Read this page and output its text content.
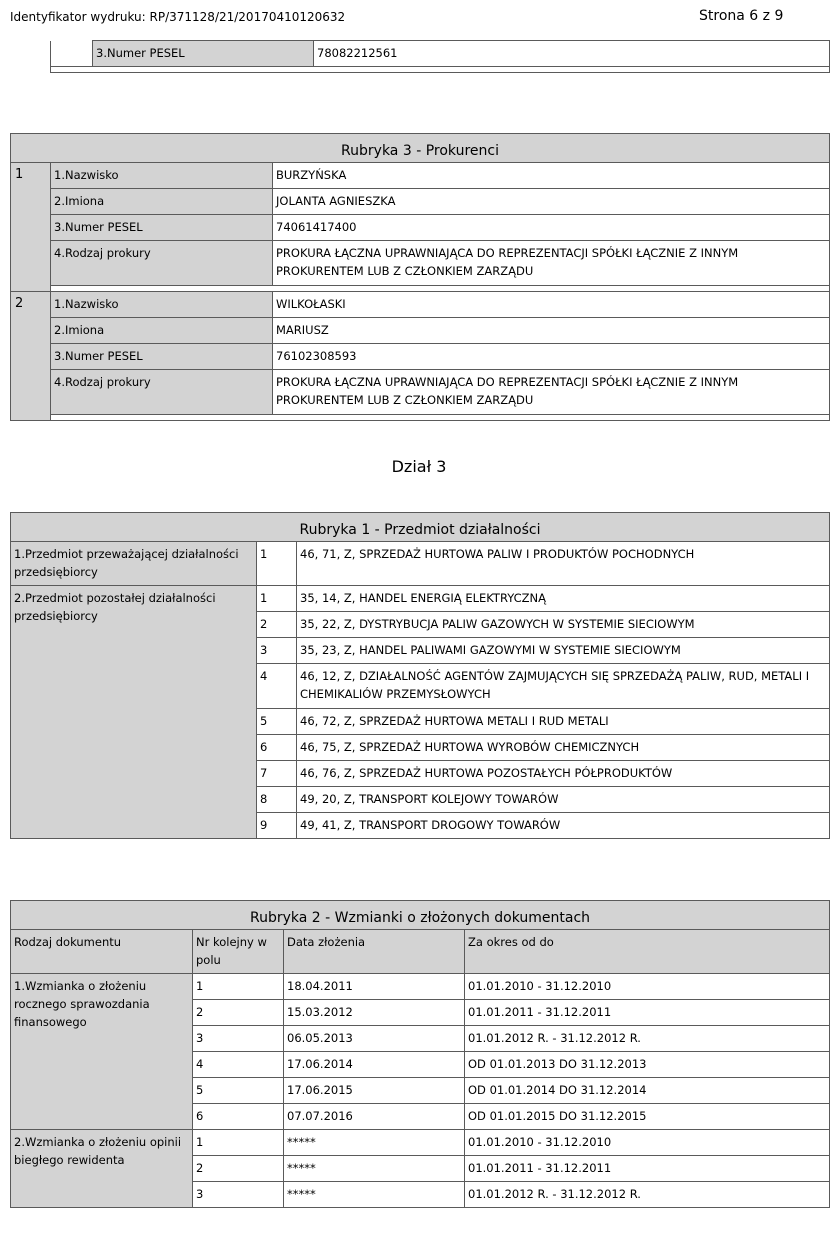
Identyfikator wydruku: RP/371128/21/20170410120632	Strona 6 z 9
	3.Numer PESEL	78082212561

Rubryka 3 - Prokurenci		
1	1.Nazwisko	BURZYŃSKA
	2.Imiona	JOLANTA AGNIESZKA
	3.Numer PESEL	74061417400
	4.Rodzaj prokury	PROKURA ŁĄCZNA UPRAWNIAJĄCA DO REPREZENTACJI SPÓŁKI ŁĄCZNIE Z INNYM PROKURENTEM LUB Z CZŁONKIEM ZARZĄDU

2	1.Nazwisko	WILKOŁASKI
	2.Imiona	MARIUSZ
	3.Numer PESEL	76102308593
	4.Rodzaj prokury	PROKURA ŁĄCZNA UPRAWNIAJĄCA DO REPREZENTACJI SPÓŁKI ŁĄCZNIE Z INNYM PROKURENTEM LUB Z CZŁONKIEM ZARZĄDU

Dział 3
Rubryka 1 - Przedmiot działalności		
1.Przedmiot przeważającej działalności przedsiębiorcy	1	46, 71, Z, SPRZEDAŻ HURTOWA PALIW I PRODUKTÓW POCHODNYCH
2.Przedmiot pozostałej działalności przedsiębiorcy	1	35, 14, Z, HANDEL ENERGIĄ ELEKTRYCZNĄ
	2	35, 22, Z, DYSTRYBUCJA PALIW GAZOWYCH W SYSTEMIE SIECIOWYM
	3	35, 23, Z, HANDEL PALIWAMI GAZOWYMI W SYSTEMIE SIECIOWYM
	4	46, 12, Z, DZIAŁALNOŚĆ AGENTÓW ZAJMUJĄCYCH SIĘ SPRZEDAŻĄ PALIW, RUD, METALI I CHEMIKALIÓW PRZEMYSŁOWYCH
	5	46, 72, Z, SPRZEDAŻ HURTOWA METALI I RUD METALI
	6	46, 75, Z, SPRZEDAŻ HURTOWA WYROBÓW CHEMICZNYCH
	7	46, 76, Z, SPRZEDAŻ HURTOWA POZOSTAŁYCH PÓŁPRODUKTÓW
	8	49, 20, Z, TRANSPORT KOLEJOWY TOWARÓW
	9	49, 41, Z, TRANSPORT DROGOWY TOWARÓW
Rubryka 2 - Wzmianki o złożonych dokumentach			
Rodzaj dokumentu	Nr kolejny w polu	Data złożenia	Za okres od do
1.Wzmianka o złożeniu rocznego sprawozdania finansowego	1	18.04.2011	01.01.2010 - 31.12.2010
	2	15.03.2012	01.01.2011 - 31.12.2011
	3	06.05.2013	01.01.2012 R. - 31.12.2012 R.
	4	17.06.2014	OD 01.01.2013 DO 31.12.2013
	5	17.06.2015	OD 01.01.2014 DO 31.12.2014
	6	07.07.2016	OD 01.01.2015 DO 31.12.2015
2.Wzmianka o złożeniu opinii biegłego rewidenta	1	*****	01.01.2010 - 31.12.2010
	2	*****	01.01.2011 - 31.12.2011
	3	*****	01.01.2012 R. - 31.12.2012 R.
